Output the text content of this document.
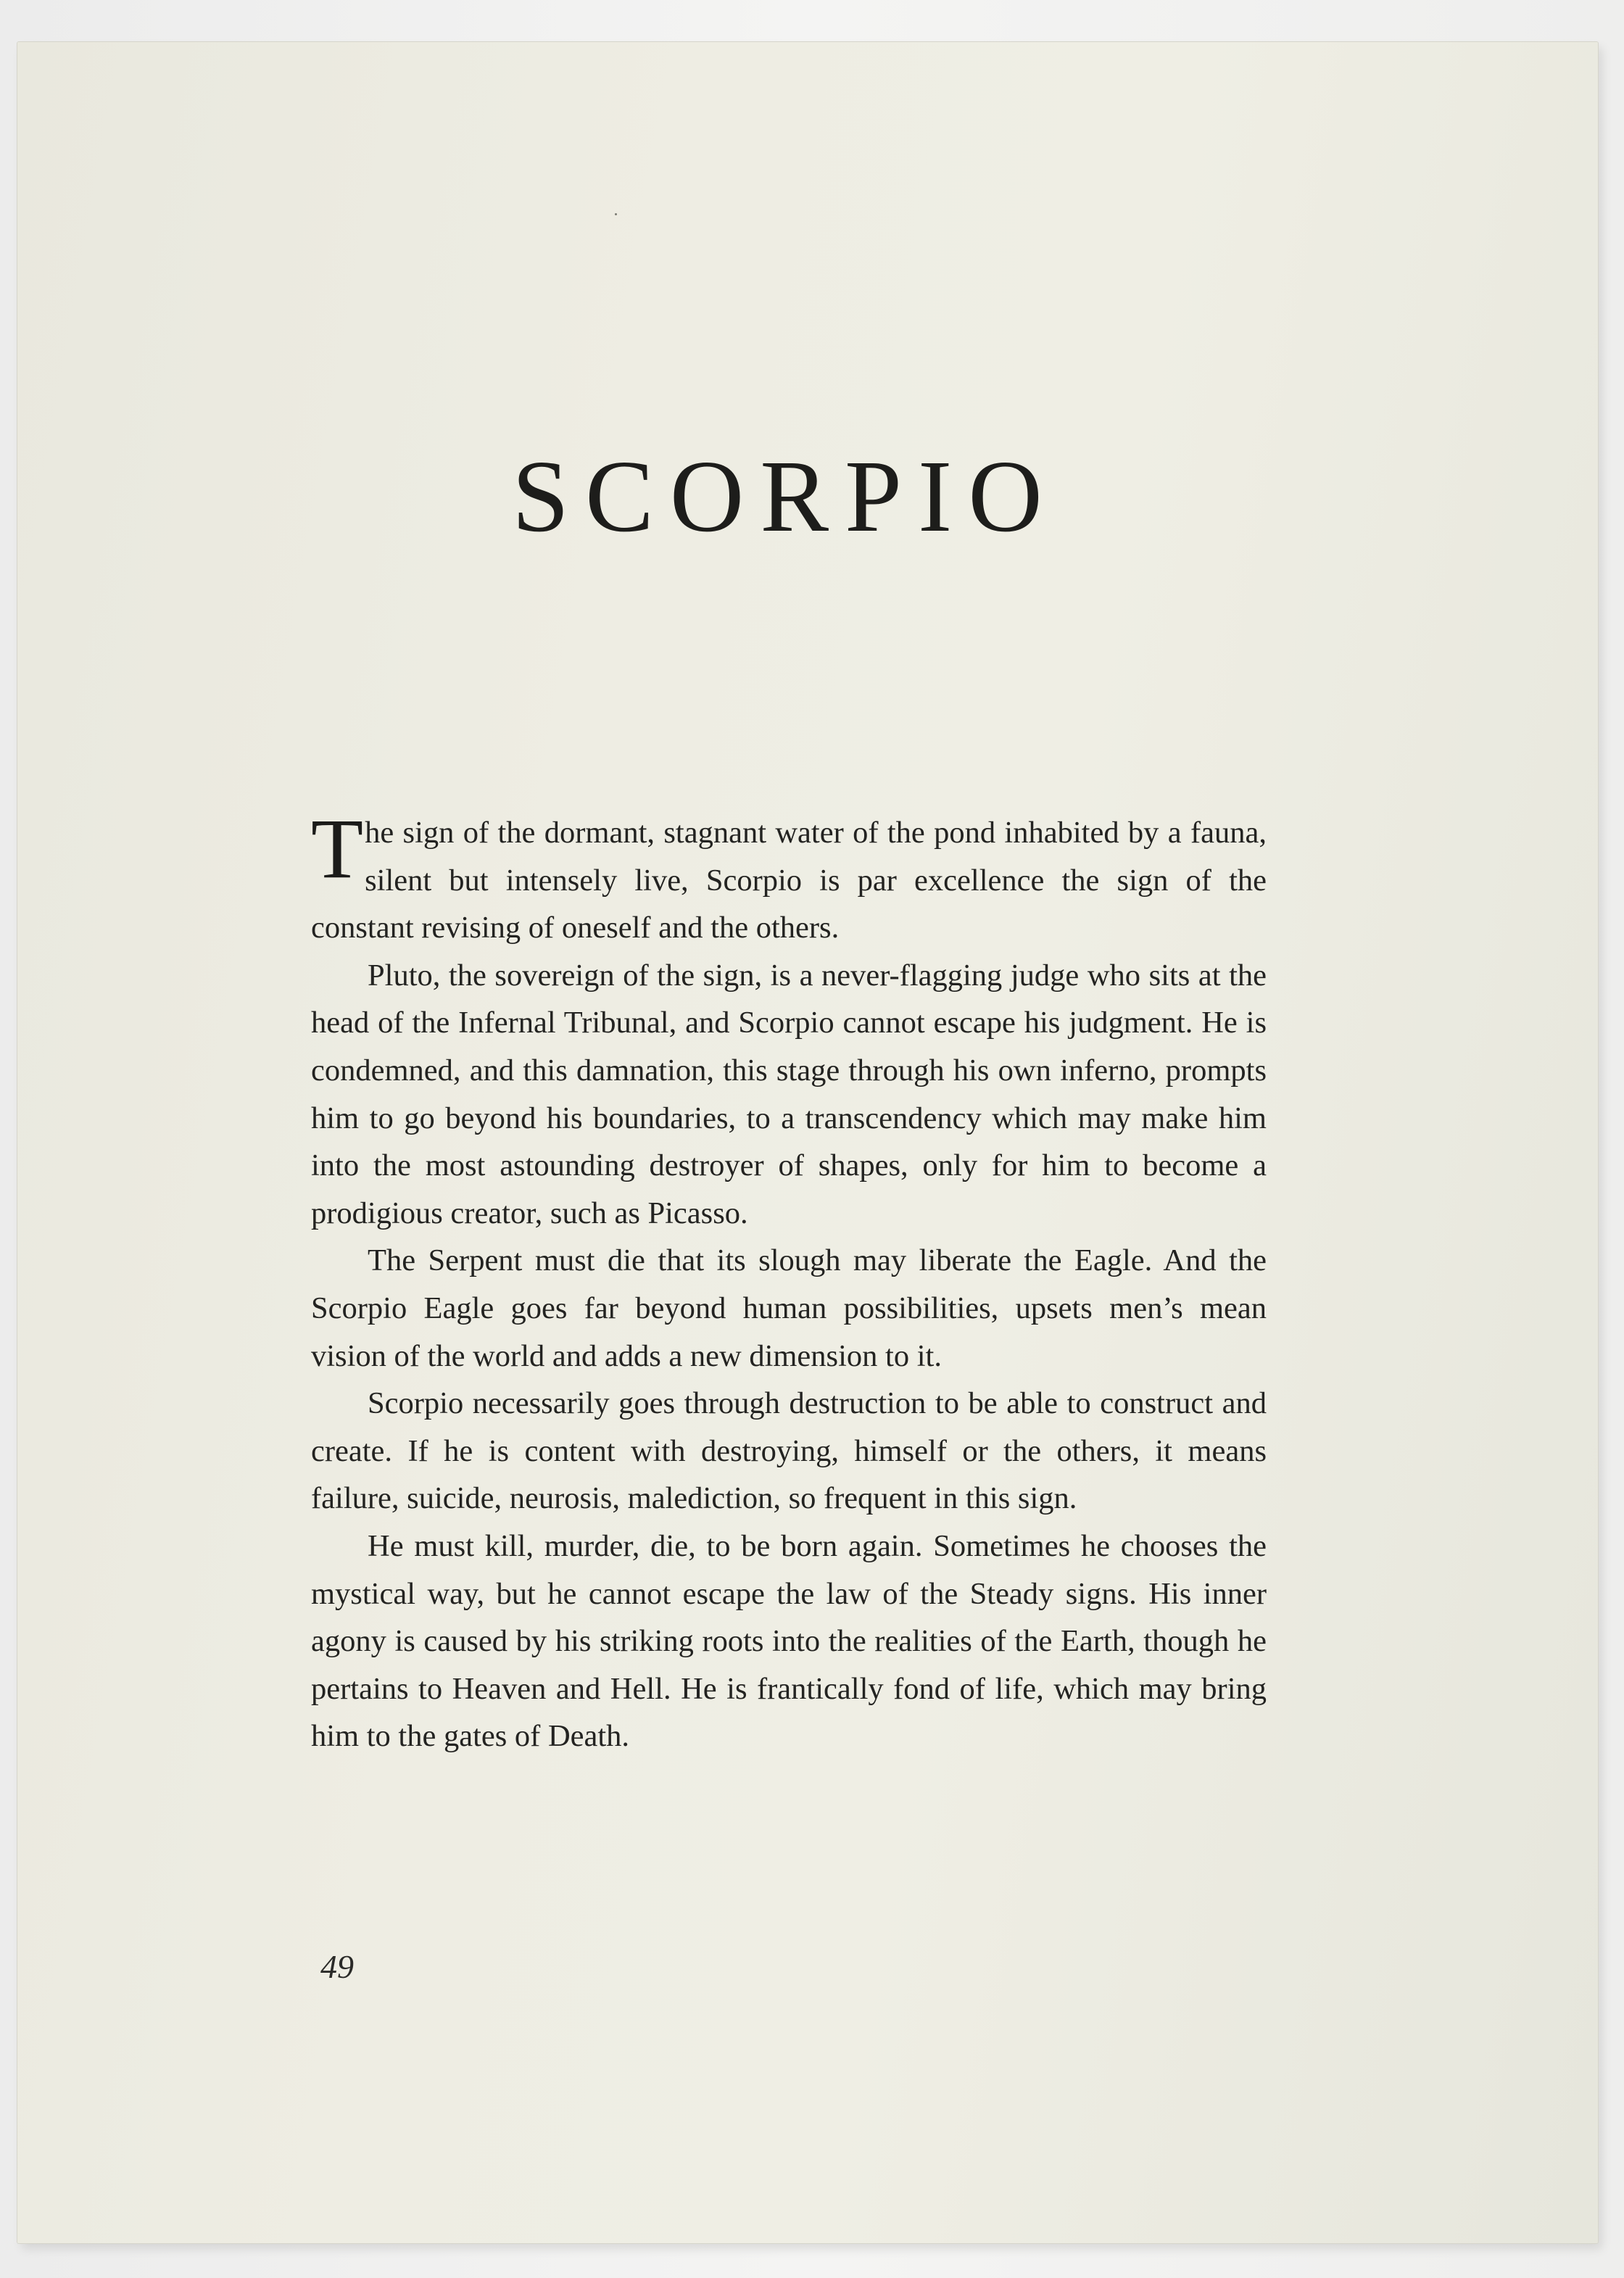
SCORPIO

The sign of the dormant, stagnant water of the pond inhabited by a fauna, silent but intensely live, Scorpio is par excellence the sign of the constant revising of oneself and the others.

Pluto, the sovereign of the sign, is a never-flagging judge who sits at the head of the Infernal Tribunal, and Scorpio cannot escape his judgment. He is condemned, and this damnation, this stage through his own inferno, prompts him to go beyond his boundaries, to a transcendency which may make him into the most astounding destroyer of shapes, only for him to become a prodigious creator, such as Picasso.

The Serpent must die that its slough may liberate the Eagle. And the Scorpio Eagle goes far beyond human possibilities, upsets men’s mean vision of the world and adds a new dimension to it.

Scorpio necessarily goes through destruction to be able to construct and create. If he is content with destroying, himself or the others, it means failure, suicide, neurosis, malediction, so frequent in this sign.

He must kill, murder, die, to be born again. Sometimes he chooses the mystical way, but he cannot escape the law of the Steady signs. His inner agony is caused by his striking roots into the realities of the Earth, though he pertains to Heaven and Hell. He is frantically fond of life, which may bring him to the gates of Death.

49
